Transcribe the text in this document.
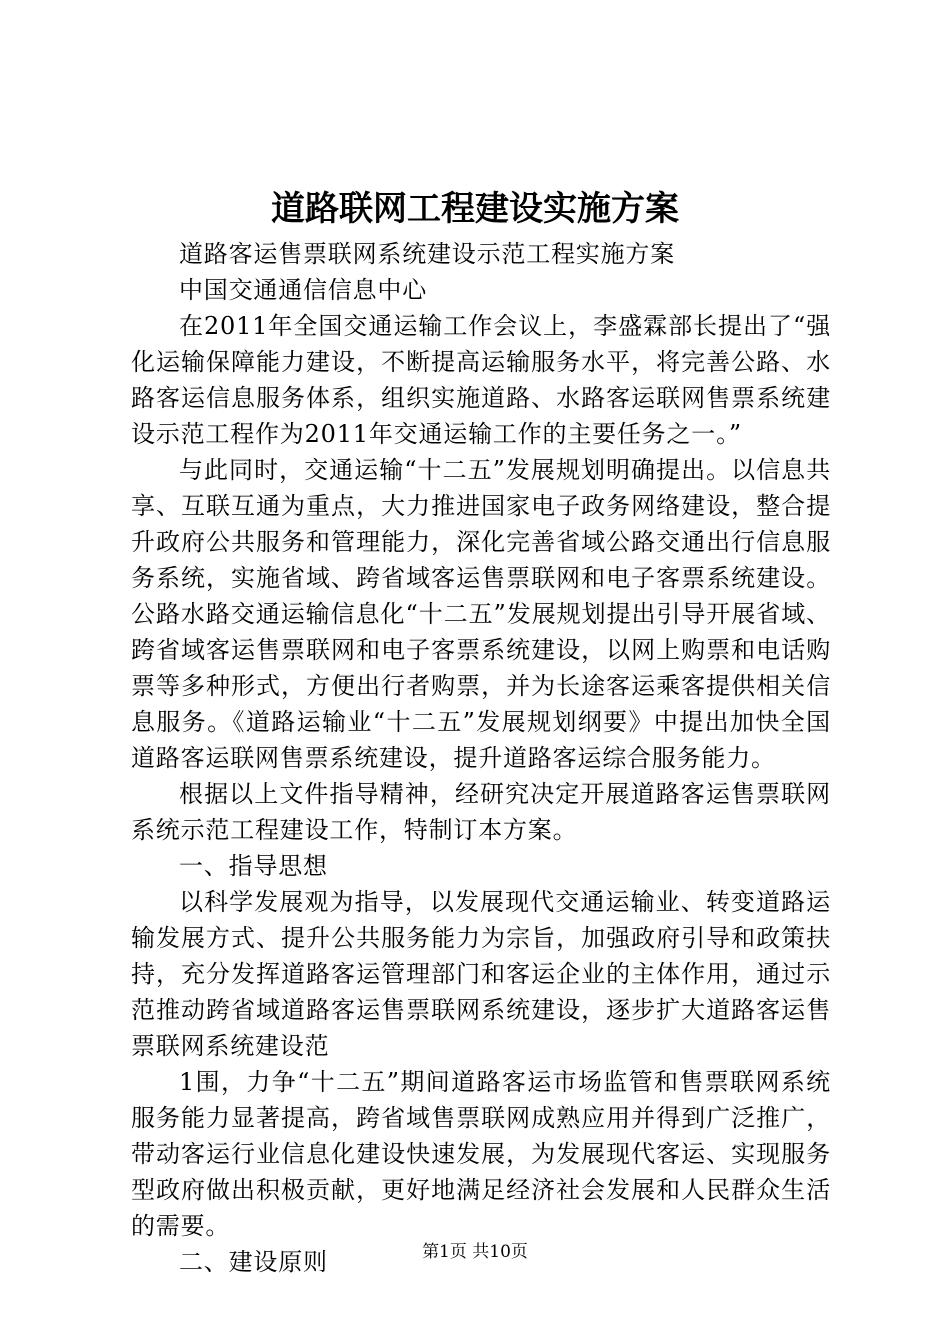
道路联网工程建设实施方案

道路客运售票联网系统建设示范工程实施方案

中国交通通信信息中心

在2011年全国交通运输工作会议上，李盛霖部长提出了“强化运输保障能力建设，不断提高运输服务水平，将完善公路、水路客运信息服务体系，组织实施道路、水路客运联网售票系统建设示范工程作为2011年交通运输工作的主要任务之一。”

与此同时，交通运输“十二五”发展规划明确提出。以信息共享、互联互通为重点，大力推进国家电子政务网络建设，整合提升政府公共服务和管理能力，深化完善省域公路交通出行信息服务系统，实施省域、跨省域客运售票联网和电子客票系统建设。公路水路交通运输信息化“十二五”发展规划提出引导开展省域、跨省域客运售票联网和电子客票系统建设，以网上购票和电话购票等多种形式，方便出行者购票，并为长途客运乘客提供相关信息服务。《道路运输业“十二五”发展规划纲要》中提出加快全国道路客运联网售票系统建设，提升道路客运综合服务能力。

根据以上文件指导精神，经研究决定开展道路客运售票联网系统示范工程建设工作，特制订本方案。

一、指导思想

以科学发展观为指导，以发展现代交通运输业、转变道路运输发展方式、提升公共服务能力为宗旨，加强政府引导和政策扶持，充分发挥道路客运管理部门和客运企业的主体作用，通过示范推动跨省域道路客运售票联网系统建设，逐步扩大道路客运售票联网系统建设范

1围，力争“十二五”期间道路客运市场监管和售票联网系统服务能力显著提高，跨省域售票联网成熟应用并得到广泛推广，带动客运行业信息化建设快速发展，为发展现代客运、实现服务型政府做出积极贡献，更好地满足经济社会发展和人民群众生活的需要。

二、建设原则	第1页 共10页
